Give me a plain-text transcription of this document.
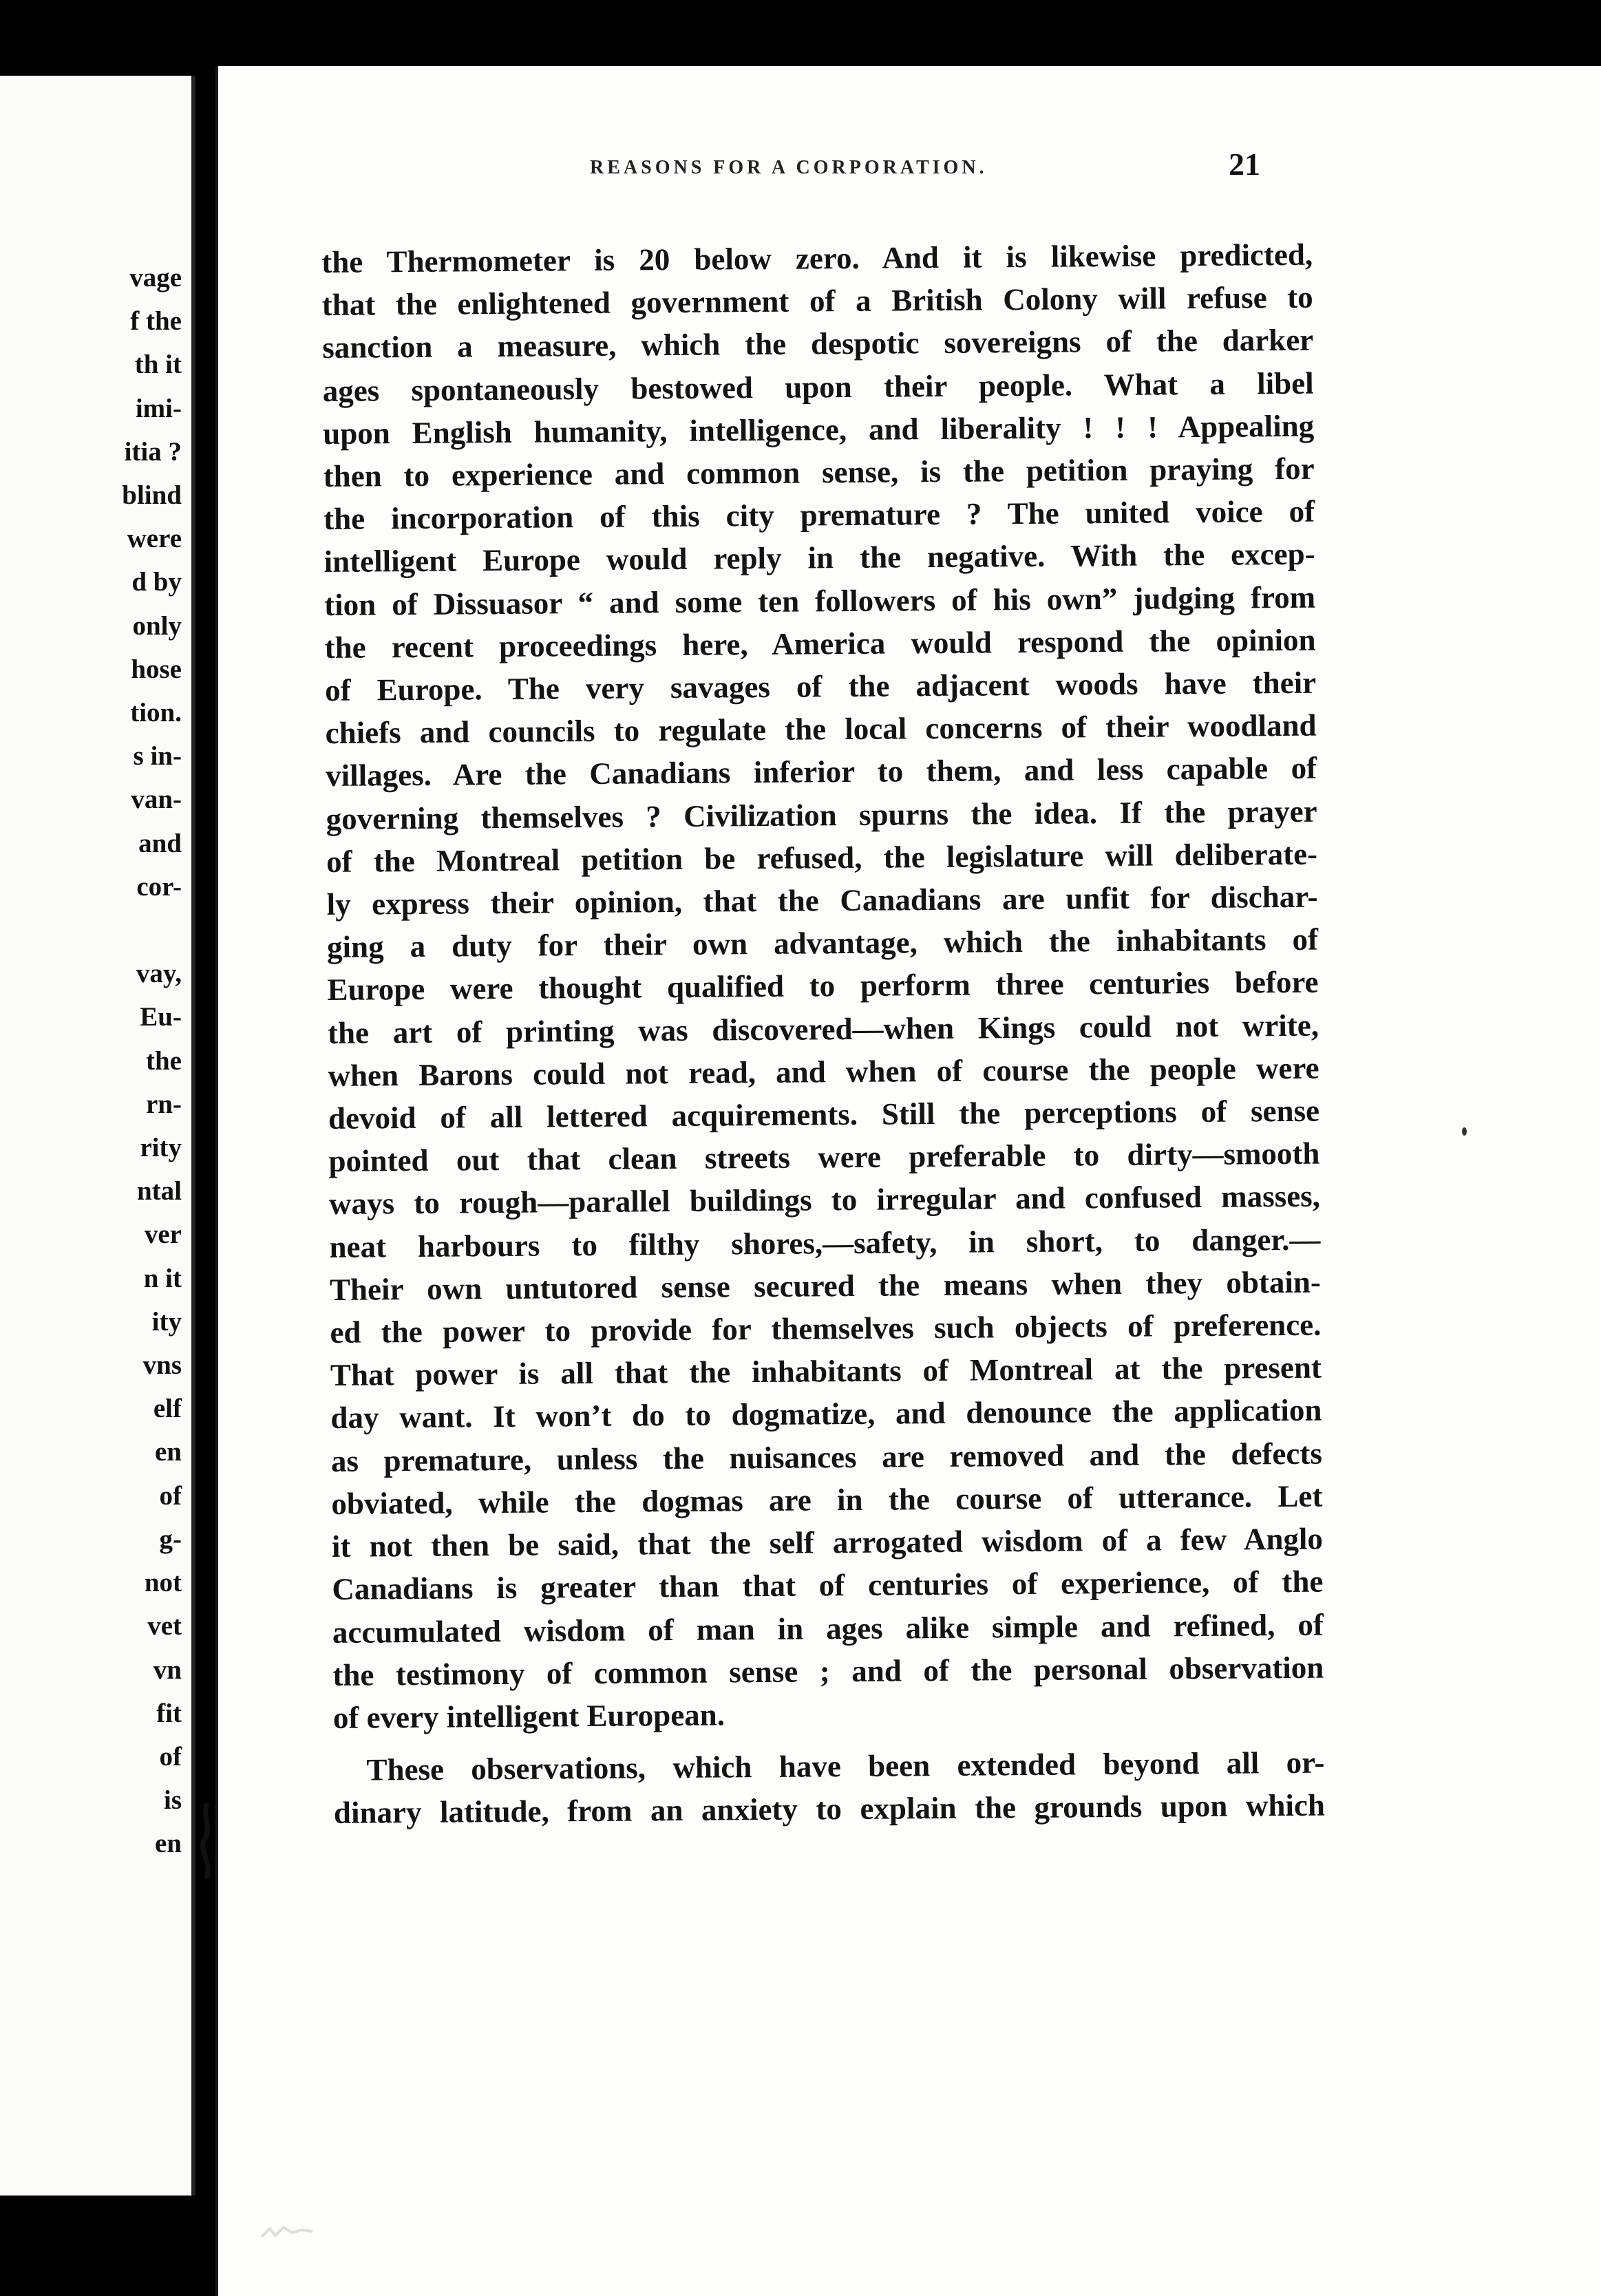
vage
f the
th it
imi-
itia ?
blind
were
d by
only
hose
tion.
s in-
van-
and
cor-

vay,
Eu-
the
rn-
rity
ntal
ver
n it
ity
vns
elf
en
of
g-
not
vet
vn
fit
of
is
en
REASONS FOR A CORPORATION.	21
the Thermometer is 20 below zero. And it is likewise predicted,
that the enlightened government of a British Colony will refuse to
sanction a measure, which the despotic sovereigns of the darker
ages spontaneously bestowed upon their people. What a libel
upon English humanity, intelligence, and liberality ! ! ! Appealing
then to experience and common sense, is the petition praying for
the incorporation of this city premature ? The united voice of
intelligent Europe would reply in the negative. With the excep-
tion of Dissuasor “ and some ten followers of his own” judging from
the recent proceedings here, America would respond the opinion
of Europe. The very savages of the adjacent woods have their
chiefs and councils to regulate the local concerns of their woodland
villages. Are the Canadians inferior to them, and less capable of
governing themselves ? Civilization spurns the idea. If the prayer
of the Montreal petition be refused, the legislature will deliberate-
ly express their opinion, that the Canadians are unfit for dischar-
ging a duty for their own advantage, which the inhabitants of
Europe were thought qualified to perform three centuries before
the art of printing was discovered—when Kings could not write,
when Barons could not read, and when of course the people were
devoid of all lettered acquirements. Still the perceptions of sense
pointed out that clean streets were preferable to dirty—smooth
ways to rough—parallel buildings to irregular and confused masses,
neat harbours to filthy shores,—safety, in short, to danger.—
Their own untutored sense secured the means when they obtain-
ed the power to provide for themselves such objects of preference.
That power is all that the inhabitants of Montreal at the present
day want. It won’t do to dogmatize, and denounce the application
as premature, unless the nuisances are removed and the defects
obviated, while the dogmas are in the course of utterance. Let
it not then be said, that the self arrogated wisdom of a few Anglo
Canadians is greater than that of centuries of experience, of the
accumulated wisdom of man in ages alike simple and refined, of
the testimony of common sense ; and of the personal observation
of every intelligent European.
These observations, which have been extended beyond all or-
dinary latitude, from an anxiety to explain the grounds upon which
